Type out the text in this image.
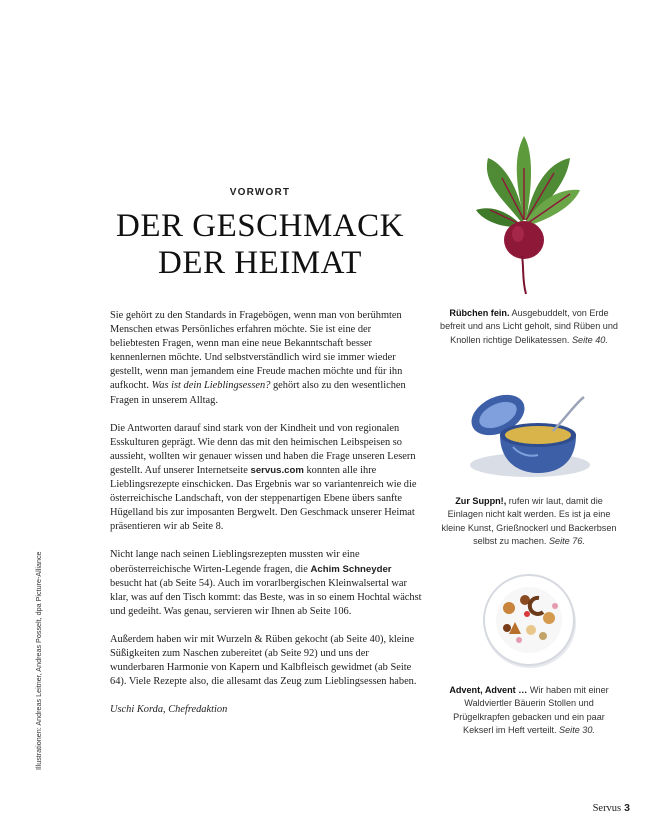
VORWORT
DER GESCHMACK
DER HEIMAT

Sie gehört zu den Standards in Fragebögen, wenn man von berühmten Menschen etwas Persönliches erfahren möchte. Sie ist eine der beliebtesten Fragen, wenn man eine neue Bekanntschaft besser kennenlernen möchte. Und selbstverständlich wird sie immer wieder gestellt, wenn man jemandem eine Freude machen möchte und für ihn aufkocht. Was ist dein Lieblingsessen? gehört also zu den wesentlichen Fragen in unserem Alltag.

Die Antworten darauf sind stark von der Kindheit und von regionalen Esskulturen geprägt. Wie denn das mit den heimischen Leibspeisen so aussieht, wollten wir genauer wissen und haben die Frage unseren Lesern gestellt. Auf unserer Internetseite servus.com konnten alle ihre Lieblingsrezepte einschicken. Das Ergebnis war so variantenreich wie die österreichische Landschaft, von der steppenartigen Ebene übers sanfte Hügelland bis zur imposanten Bergwelt. Den Geschmack unserer Heimat präsentieren wir ab Seite 8.

Nicht lange nach seinen Lieblingsrezepten mussten wir eine oberösterreichische Wirten-Legende fragen, die Achim Schneyder besucht hat (ab Seite 54). Auch im vorarlbergischen Kleinwalsertal war klar, was auf den Tisch kommt: das Beste, was in so einem Hochtal wächst und gedeiht. Was genau, servieren wir Ihnen ab Seite 106.

Außerdem haben wir mit Wurzeln & Rüben gekocht (ab Seite 40), kleine Süßigkeiten zum Naschen zubereitet (ab Seite 92) und uns der wunderbaren Harmonie von Kapern und Kalbfleisch gewidmet (ab Seite 64). Viele Rezepte also, die allesamt das Zeug zum Lieblingsessen haben.

Uschi Korda, Chefredaktion

Illustrationen: Andreas Leitner, Andreas Posselt, dpa Picture-Alliance
Rübchen fein. Ausgebuddelt, von Erde befreit und ans Licht geholt, sind Rüben und Knollen richtige Delikatessen. Seite 40.
Zur Suppn!, rufen wir laut, damit die Einlagen nicht kalt werden. Es ist ja eine kleine Kunst, Grießnockerl und Backerbsen selbst zu machen. Seite 76.
Advent, Advent … Wir haben mit einer Waldviertler Bäuerin Stollen und Prügelkrapfen gebacken und ein paar Kekserl im Heft verteilt. Seite 30.
Servus 3
